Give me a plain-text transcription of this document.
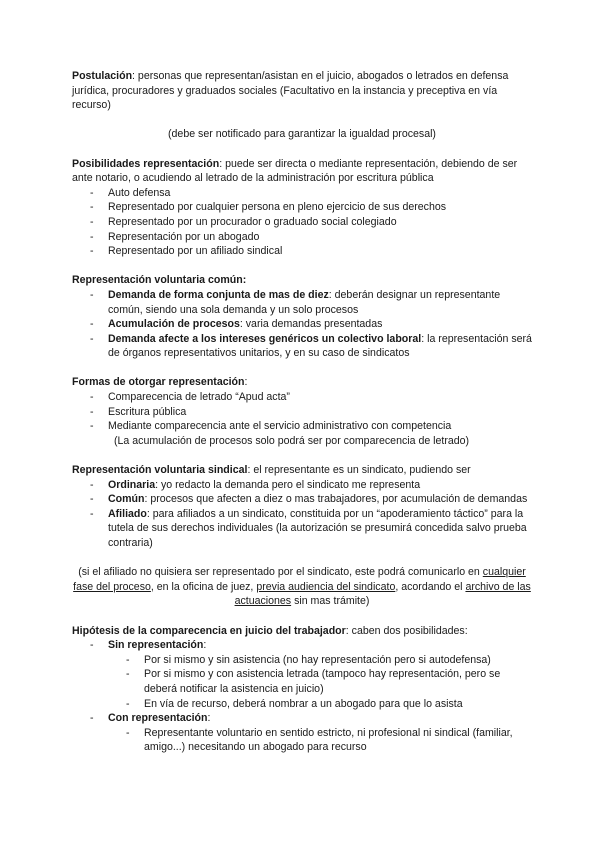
Postulación: personas que representan/asistan en el juicio, abogados o letrados en defensa jurídica, procuradores y graduados sociales (Facultativo en la instancia y preceptiva en vía recurso)

(debe ser notificado para garantizar la igualdad procesal)

Posibilidades representación: puede ser directa o mediante representación, debiendo de ser ante notario, o acudiendo al letrado de la administración por escritura pública

- Auto defensa
- Representado por cualquier persona en pleno ejercicio de sus derechos
- Representado por un procurador o graduado social colegiado
- Representación por un abogado
- Representado por un afiliado sindical

Representación voluntaria común:

- Demanda de forma conjunta de mas de diez: deberán designar un representante común, siendo una sola demanda y un solo procesos
- Acumulación de procesos: varia demandas presentadas
- Demanda afecte a los intereses genéricos un colectivo laboral: la representación será de órganos representativos unitarios, y en su caso de sindicatos

Formas de otorgar representación:

- Comparecencia de letrado “Apud acta”
- Escritura pública
- Mediante comparecencia ante el servicio administrativo con competencia

(La acumulación de procesos solo podrá ser por comparecencia de letrado)

Representación voluntaria sindical: el representante es un sindicato, pudiendo ser

- Ordinaria: yo redacto la demanda pero el sindicato me representa
- Común: procesos que afecten a diez o mas trabajadores, por acumulación de demandas
- Afiliado: para afiliados a un sindicato, constituida por un “apoderamiento táctico” para la tutela de sus derechos individuales (la autorización se presumirá concedida salvo prueba contraria)

(si el afiliado no quisiera ser representado por el sindicato, este podrá comunicarlo en cualquier fase del proceso, en la oficina de juez, previa audiencia del sindicato, acordando el archivo de las actuaciones sin mas trámite)

Hipótesis de la comparecencia en juicio del trabajador: caben dos posibilidades:

- Sin representación:
- Por si mismo y sin asistencia (no hay representación pero si autodefensa)
- Por si mismo y con asistencia letrada (tampoco hay representación, pero se deberá notificar la asistencia en juicio)
- En vía de recurso, deberá nombrar a un abogado para que lo asista
- Con representación:
- Representante voluntario en sentido estricto, ni profesional ni sindical (familiar, amigo...) necesitando un abogado para recurso
